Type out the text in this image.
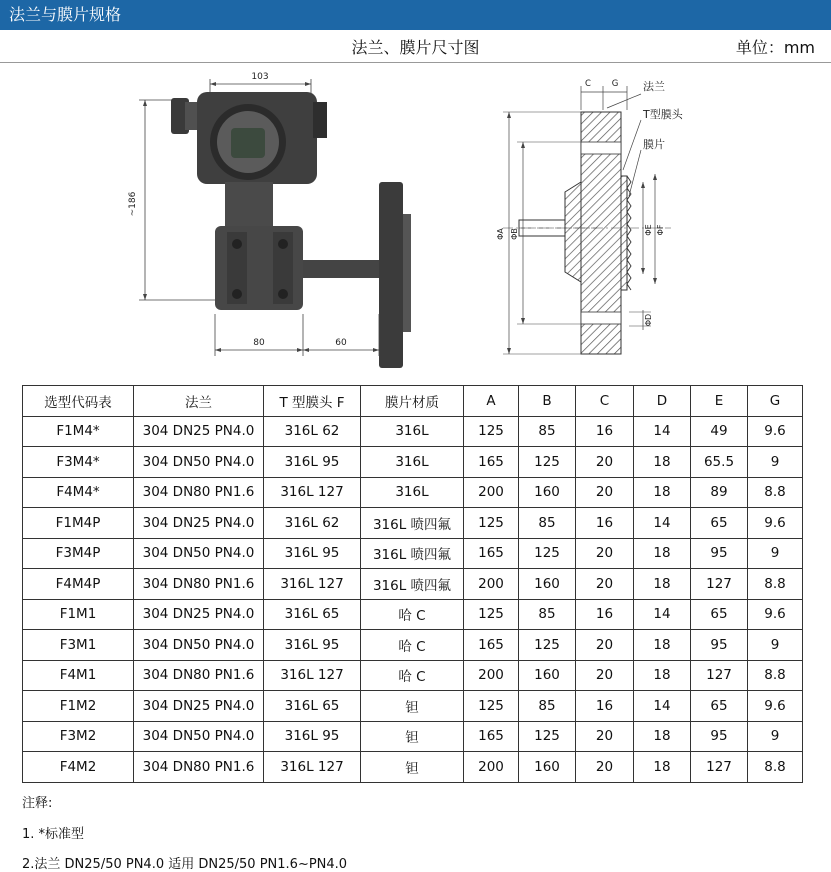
法兰与膜片规格
法兰、膜片尺寸图	单位：mm
103
~186
80	60
C G 法兰
T型膜头
膜片
ΦA ΦB	ΦE ΦF
ΦD
选型代码表	法兰	T 型膜头 F	膜片材质	A	B	C	D	E	G
F1M4*	304 DN25 PN4.0	316L 62	316L	125	85	16	14	49	9.6
F3M4*	304 DN50 PN4.0	316L 95	316L	165	125	20	18	65.5	9
F4M4*	304 DN80 PN1.6	316L 127	316L	200	160	20	18	89	8.8
F1M4P	304 DN25 PN4.0	316L 62	316L 喷四氟	125	85	16	14	65	9.6
F3M4P	304 DN50 PN4.0	316L 95	316L 喷四氟	165	125	20	18	95	9
F4M4P	304 DN80 PN1.6	316L 127	316L 喷四氟	200	160	20	18	127	8.8
F1M1	304 DN25 PN4.0	316L 65	哈 C	125	85	16	14	65	9.6
F3M1	304 DN50 PN4.0	316L 95	哈 C	165	125	20	18	95	9
F4M1	304 DN80 PN1.6	316L 127	哈 C	200	160	20	18	127	8.8
F1M2	304 DN25 PN4.0	316L 65	钽	125	85	16	14	65	9.6
F3M2	304 DN50 PN4.0	316L 95	钽	165	125	20	18	95	9
F4M2	304 DN80 PN1.6	316L 127	钽	200	160	20	18	127	8.8
注释:
1. *标准型
2.法兰 DN25/50 PN4.0 适用 DN25/50 PN1.6~PN4.0
